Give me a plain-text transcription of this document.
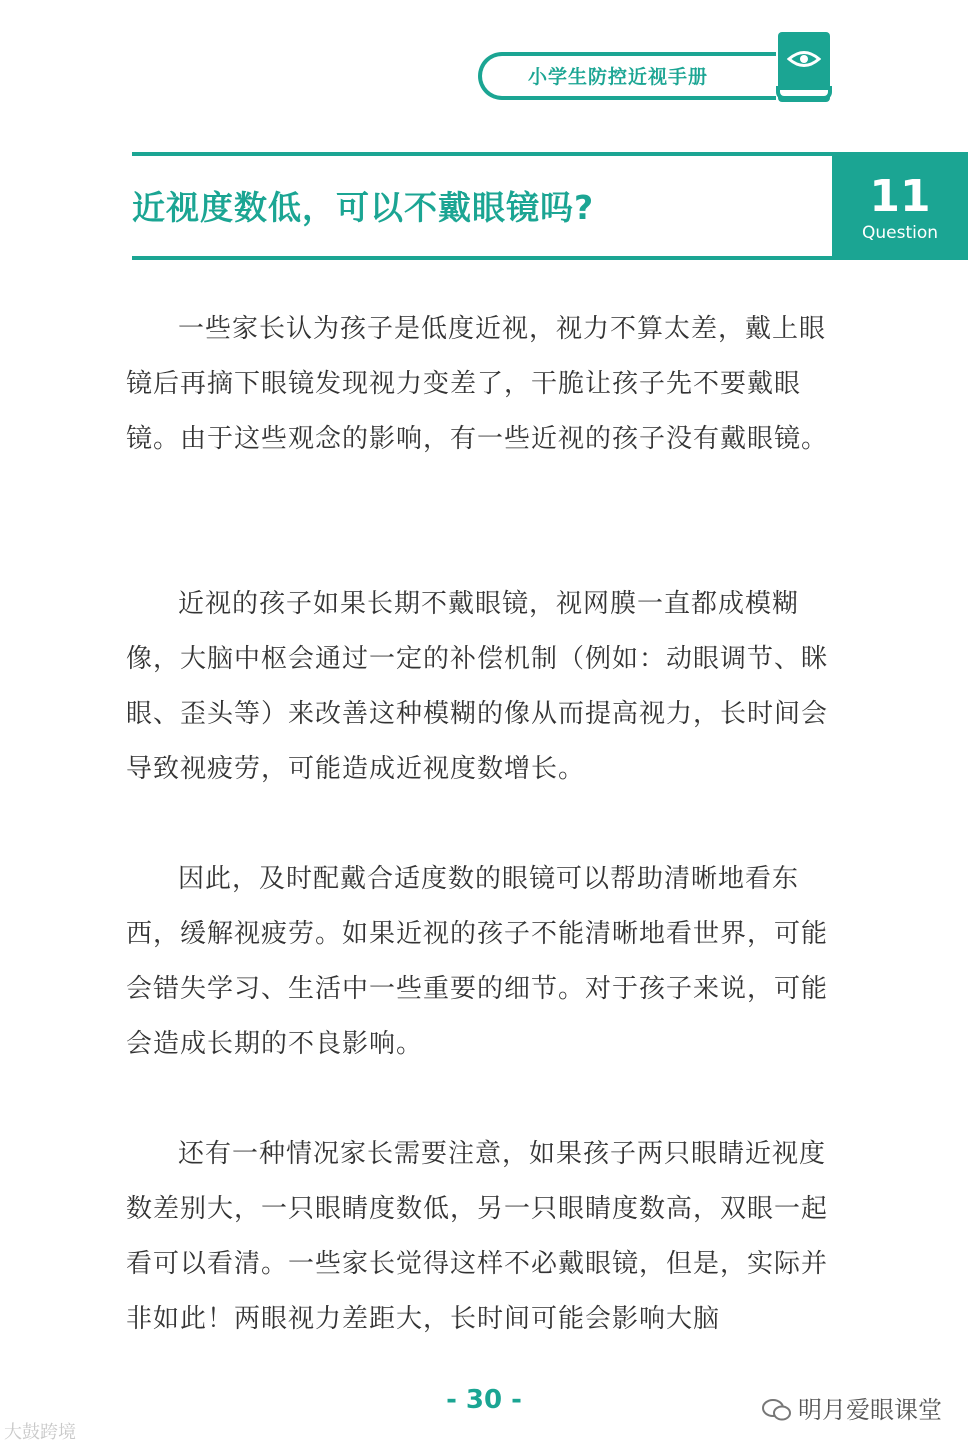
小学生防控近视手册
近视度数低，可以不戴眼镜吗?	11
Question

一些家长认为孩子是低度近视，视力不算太差，戴上眼镜后再摘下眼镜发现视力变差了，干脆让孩子先不要戴眼镜。由于这些观念的影响，有一些近视的孩子没有戴眼镜。

近视的孩子如果长期不戴眼镜，视网膜一直都成模糊像，大脑中枢会通过一定的补偿机制（例如：动眼调节、眯眼、歪头等）来改善这种模糊的像从而提高视力，长时间会导致视疲劳，可能造成近视度数增长。

因此，及时配戴合适度数的眼镜可以帮助清晰地看东西，缓解视疲劳。如果近视的孩子不能清晰地看世界，可能会错失学习、生活中一些重要的细节。对于孩子来说，可能会造成长期的不良影响。

还有一种情况家长需要注意，如果孩子两只眼睛近视度数差别大，一只眼睛度数低，另一只眼睛度数高，双眼一起看可以看清。一些家长觉得这样不必戴眼镜，但是，实际并非如此！两眼视力差距大，长时间可能会影响大脑

- 30 -
大鼓跨境
明月爱眼课堂
